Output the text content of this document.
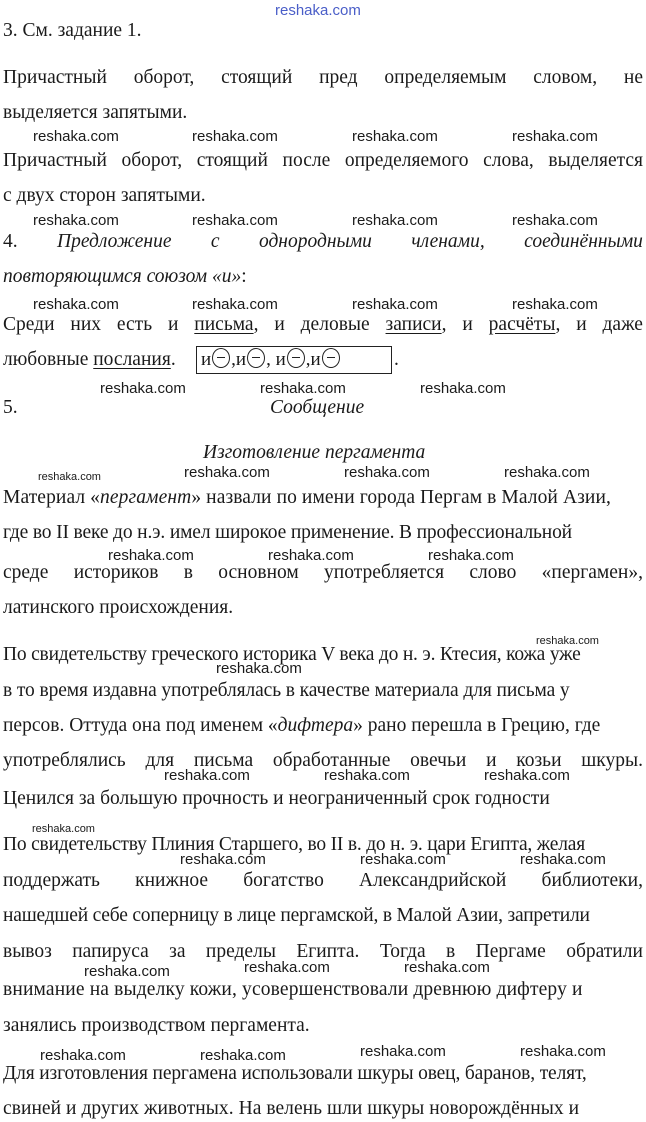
reshaka.com
3. См. задание 1.
Причастный оборот, стоящий пред определяемым словом, не
выделяется запятыми.
reshaka.com	reshaka.com	reshaka.com	reshaka.com
Причастный оборот, стоящий после определяемого слова, выделяется
с двух сторон запятыми.
reshaka.com	reshaka.com	reshaka.com	reshaka.com
4. Предложение с однородными членами, соединёнными
повторяющимся союзом «и»:
reshaka.com	reshaka.com	reshaka.com	reshaka.com
Среди них есть и письма, и деловые записи, и расчёты, и даже
любовные послания.	и ,и , и ,и	.
reshaka.com	reshaka.com	reshaka.com
5.	Сообщение
Изготовление пергамента
reshaka.com	reshaka.com	reshaka.com	reshaka.com
Материал «пергамент» назвали по имени города Пергам в Малой Азии,
где во II веке до н.э. имел широкое применение. В профессиональной
reshaka.com	reshaka.com	reshaka.com
среде историков в основном употребляется слово «пергамен»,
латинского происхождения.
reshaka.com
По свидетельству греческого историка V века до н. э. Ктесия, кожа уже
reshaka.com
в то время издавна употреблялась в качестве материала для письма у
персов. Оттуда она под именем «дифтера» рано перешла в Грецию, где
употреблялись для письма обработанные овечьи и козьи шкуры.
reshaka.com	reshaka.com	reshaka.com
Ценился за большую прочность и неограниченный срок годности
reshaka.com
По свидетельству Плиния Старшего, во II в. до н. э. цари Египта, желая
reshaka.com	reshaka.com	reshaka.com
поддержать книжное богатство Александрийской библиотеки,
нашедшей себе соперницу в лице пергамской, в Малой Азии, запретили
вывоз папируса за пределы Египта. Тогда в Пергаме обратили
reshaka.com	reshaka.com	reshaka.com
внимание на выделку кожи, усовершенствовали древнюю дифтеру и
занялись производством пергамента.
reshaka.com	reshaka.com	reshaka.com	reshaka.com
Для изготовления пергамена использовали шкуры овец, баранов, телят,
свиней и других животных. На велень шли шкуры новорождённых и
